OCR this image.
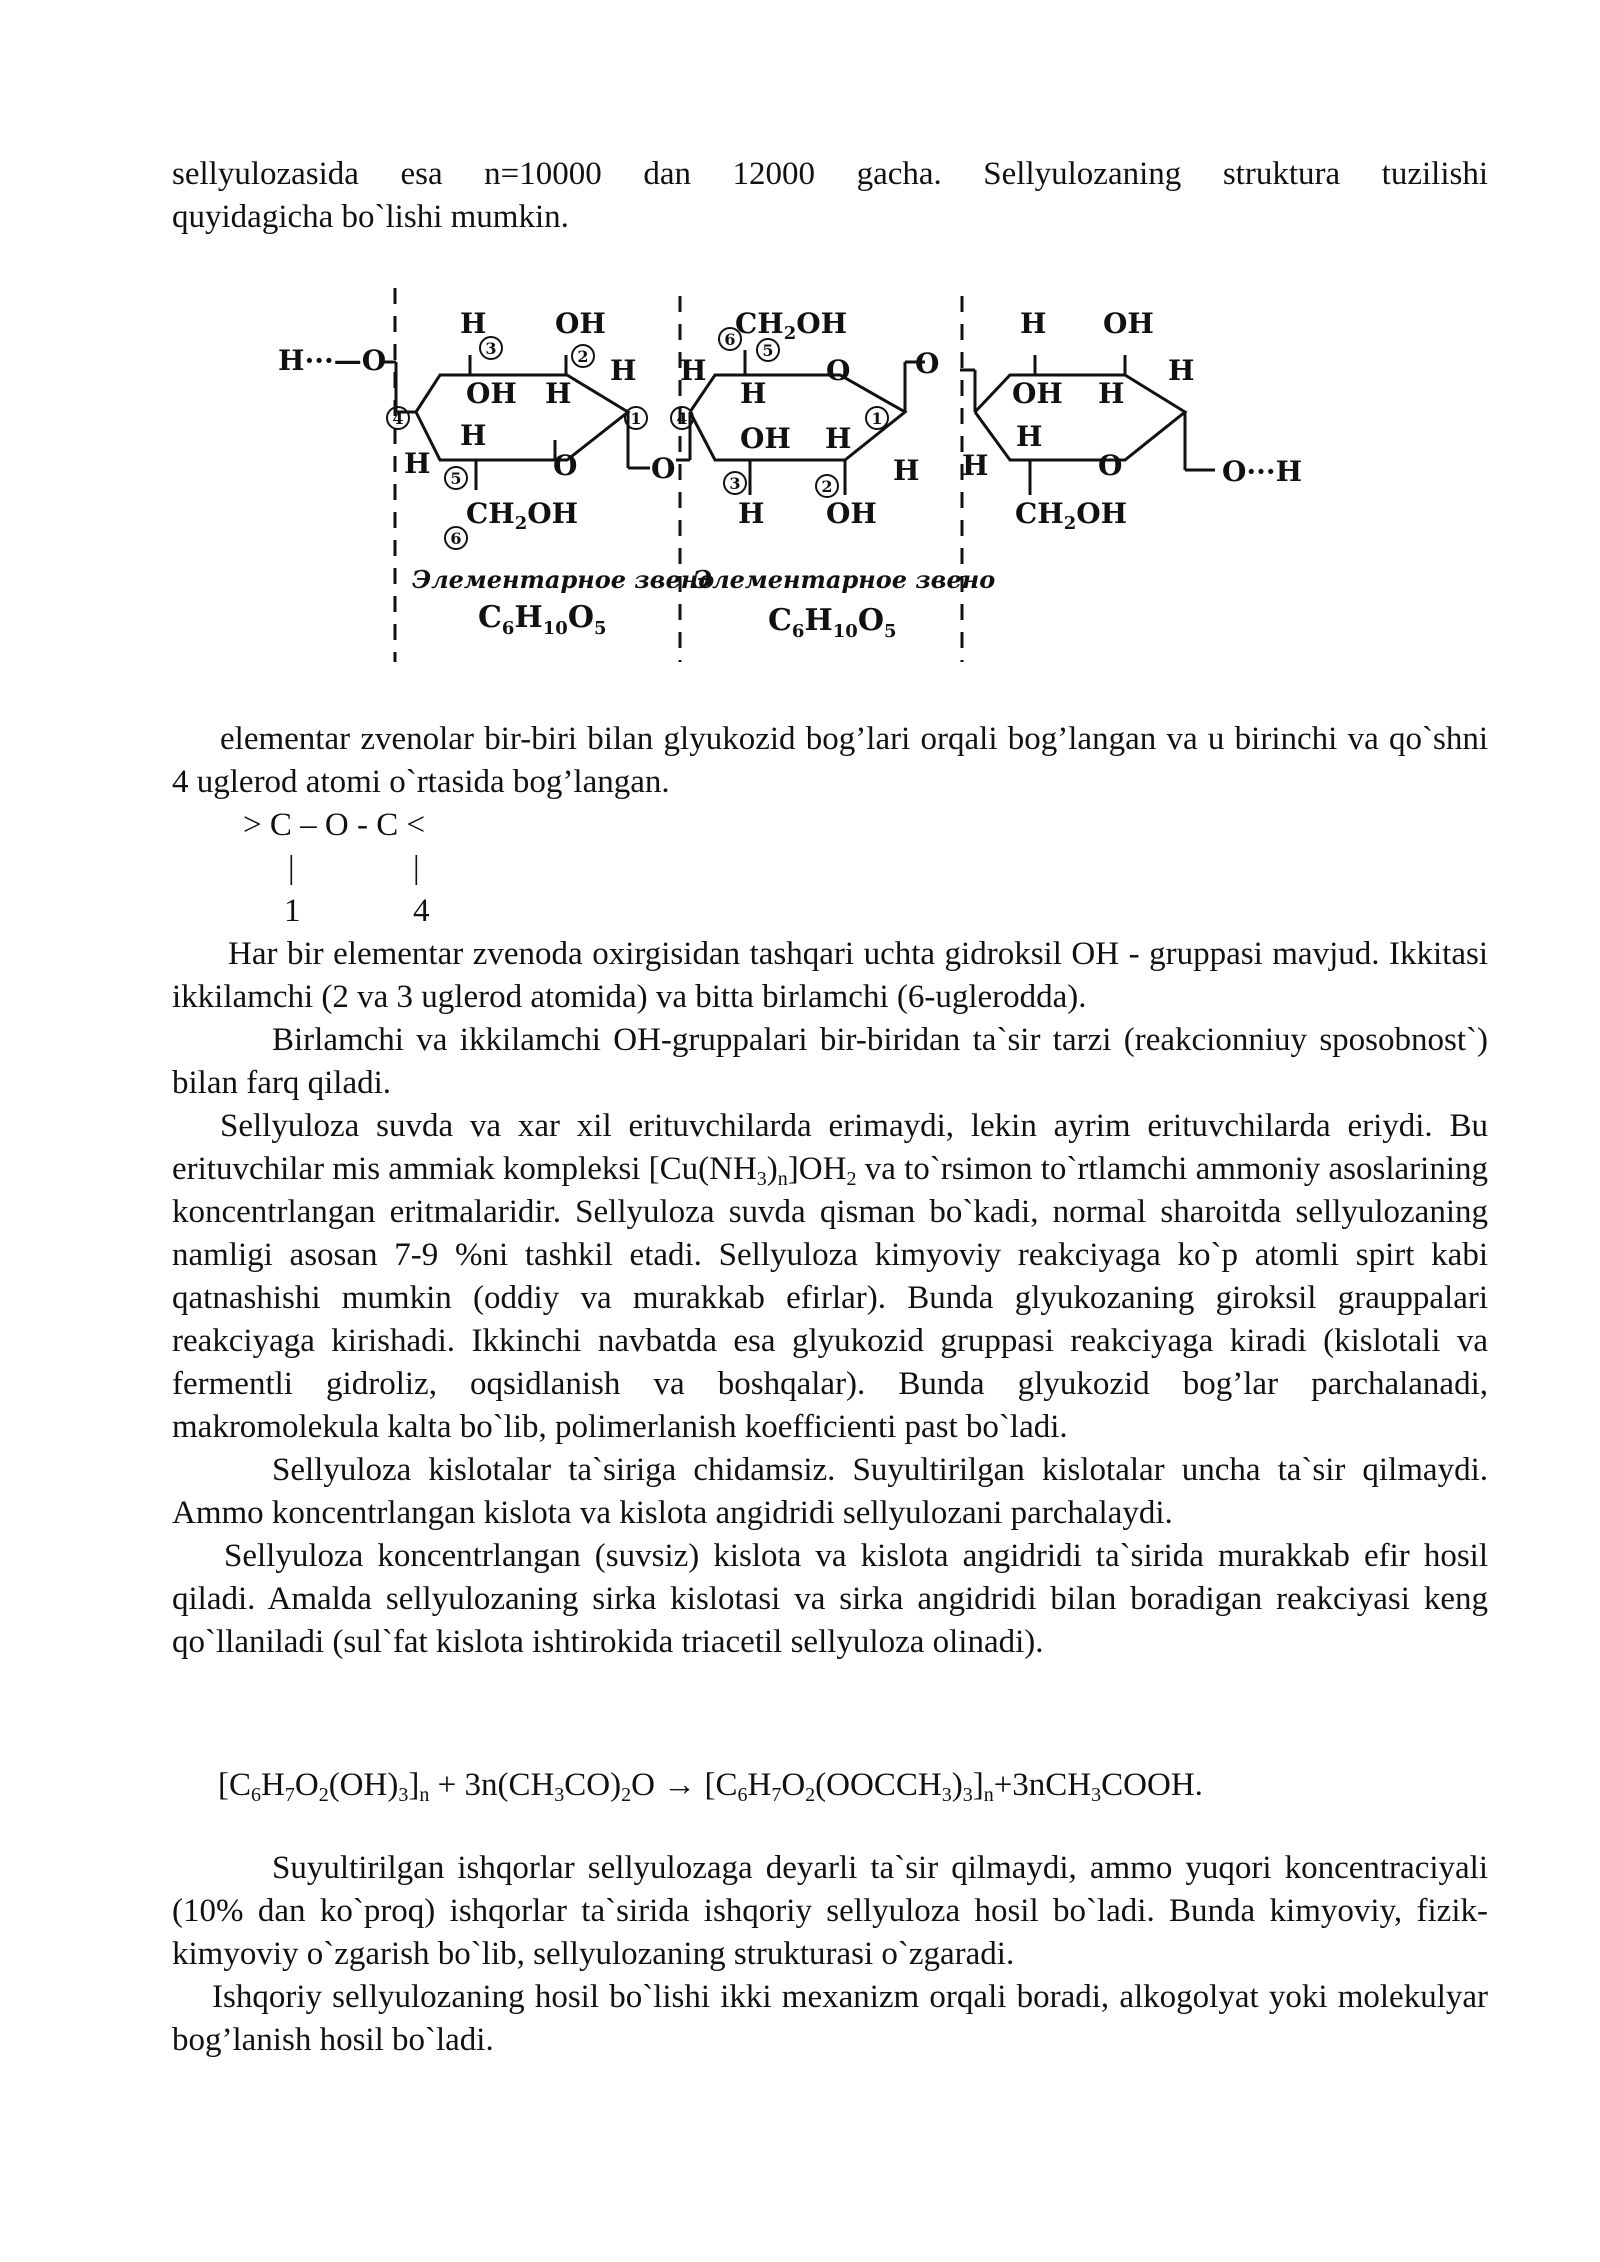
sellyulozasida esa n=10000 dan 12000 gacha. Sellyulozaning struktura tuzilishi

quyidagicha bo`lishi mumkin.

H···—O
H OH
H
OH H
H
H	O	O
$CH_2OH$
$CH_2OH$
H
H
O O
OH H
H
H OH
H OH
H
OH H
H
H	O	O···H
$CH_2OH$
3	2
4	1
5
6
6
5
4	1
3	2
Элементарное звено
Элементарное звено
$C_6H_{10}O_5$	$C_6H_{10}O_5$

elementar zvenolar bir-biri bilan glyukozid bog’lari orqali bog’langan va u birinchi va qo`shni 4 uglerod atomi o`rtasida bog’langan.

> C – O - C <
|	|
1	4

Har bir elementar zvenoda oxirgisidan tashqari uchta gidroksil OH - gruppasi mavjud. Ikkitasi ikkilamchi (2 va 3 uglerod atomida) va bitta birlamchi (6-uglerodda).

Birlamchi va ikkilamchi OH-gruppalari bir-biridan ta`sir tarzi (reakcionniuy sposobnost`) bilan farq qiladi.

Sellyuloza suvda va xar xil erituvchilarda erimaydi, lekin ayrim erituvchilarda eriydi. Bu erituvchilar mis ammiak kompleksi $[Cu(NH_3)_n]OH_2$ va to`rsimon to`rtlamchi ammoniy asoslarining koncentrlangan eritmalaridir. Sellyuloza suvda qisman bo`kadi, normal sharoitda sellyulozaning namligi asosan 7-9 %ni tashkil etadi. Sellyuloza kimyoviy reakciyaga ko`p atomli spirt kabi qatnashishi mumkin (oddiy va murakkab efirlar). Bunda glyukozaning giroksil grauppalari reakciyaga kirishadi. Ikkinchi navbatda esa glyukozid gruppasi reakciyaga kiradi (kislotali va fermentli gidroliz, oqsidlanish va boshqalar). Bunda glyukozid bog’lar parchalanadi, makromolekula kalta bo`lib, polimerlanish koefficienti past bo`ladi.

Sellyuloza kislotalar ta`siriga chidamsiz. Suyultirilgan kislotalar uncha ta`sir qilmaydi. Ammo koncentrlangan kislota va kislota angidridi sellyulozani parchalaydi.

Sellyuloza koncentrlangan (suvsiz) kislota va kislota angidridi ta`sirida murakkab efir hosil qiladi. Amalda sellyulozaning sirka kislotasi va sirka angidridi bilan boradigan reakciyasi keng qo`llaniladi (sul`fat kislota ishtirokida triacetil sellyuloza olinadi).

$[C_6H_7O_2(OH)_3]_n + 3n(CH_3CO)_2O$ → $[C_6H_7O_2(OOCCH_3)_3]_n+3nCH_3COOH$.

Suyultirilgan ishqorlar sellyulozaga deyarli ta`sir qilmaydi, ammo yuqori koncentraciyali (10% dan ko`proq) ishqorlar ta`sirida ishqoriy sellyuloza hosil bo`ladi. Bunda kimyoviy, fizik-kimyoviy o`zgarish bo`lib, sellyulozaning strukturasi o`zgaradi.

Ishqoriy sellyulozaning hosil bo`lishi ikki mexanizm orqali boradi, alkogolyat yoki molekulyar bog’lanish hosil bo`ladi.
